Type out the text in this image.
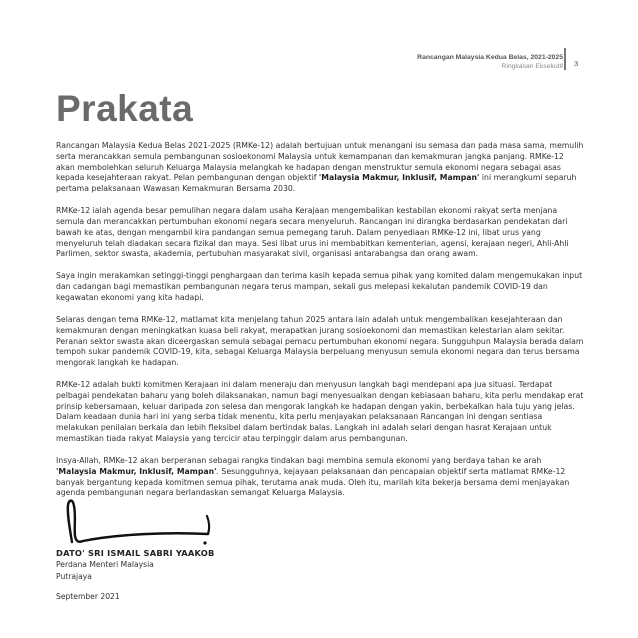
Rancangan Malaysia Kedua Belas, 2021-2025
Ringkasan Eksekutif 3
Prakata

Rancangan Malaysia Kedua Belas 2021-2025 (RMKe-12) adalah bertujuan untuk menangani isu semasa dan pada masa sama, memulih serta merancakkan semula pembangunan sosioekonomi Malaysia untuk kemampanan dan kemakmuran jangka panjang. RMKe-12 akan membolehkan seluruh Keluarga Malaysia melangkah ke hadapan dengan menstruktur semula ekonomi negara sebagai asas kepada kesejahteraan rakyat. Pelan pembangunan dengan objektif 'Malaysia Makmur, Inklusif, Mampan' ini merangkumi separuh pertama pelaksanaan Wawasan Kemakmuran Bersama 2030.

RMKe-12 ialah agenda besar pemulihan negara dalam usaha Kerajaan mengembalikan kestabilan ekonomi rakyat serta menjana semula dan merancakkan pertumbuhan ekonomi negara secara menyeluruh. Rancangan ini dirangka berdasarkan pendekatan dari bawah ke atas, dengan mengambil kira pandangan semua pemegang taruh. Dalam penyediaan RMKe-12 ini, libat urus yang menyeluruh telah diadakan secara fizikal dan maya. Sesi libat urus ini membabitkan kementerian, agensi, kerajaan negeri, Ahli-Ahli Parlimen, sektor swasta, akademia, pertubuhan masyarakat sivil, organisasi antarabangsa dan orang awam.

Saya ingin merakamkan setinggi-tinggi penghargaan dan terima kasih kepada semua pihak yang komited dalam mengemukakan input dan cadangan bagi memastikan pembangunan negara terus mampan, sekali gus melepasi kekalutan pandemik COVID-19 dan kegawatan ekonomi yang kita hadapi.

Selaras dengan tema RMKe-12, matlamat kita menjelang tahun 2025 antara lain adalah untuk mengembalikan kesejahteraan dan kemakmuran dengan meningkatkan kuasa beli rakyat, merapatkan jurang sosioekonomi dan memastikan kelestarian alam sekitar. Peranan sektor swasta akan diceergaskan semula sebagai pemacu pertumbuhan ekonomi negara. Sungguhpun Malaysia berada dalam tempoh sukar pandemik COVID-19, kita, sebagai Keluarga Malaysia berpeluang menyusun semula ekonomi negara dan terus bersama mengorak langkah ke hadapan.

RMKe-12 adalah bukti komitmen Kerajaan ini dalam meneraju dan menyusun langkah bagi mendepani apa jua situasi. Terdapat pelbagai pendekatan baharu yang boleh dilaksanakan, namun bagi menyesuaikan dengan kebiasaan baharu, kita perlu mendakap erat prinsip kebersamaan, keluar daripada zon selesa dan mengorak langkah ke hadapan dengan yakin, berbekalkan hala tuju yang jelas. Dalam keadaan dunia hari ini yang serba tidak menentu, kita perlu menjayakan pelaksanaan Rancangan ini dengan sentiasa melakukan penilaian berkala dan lebih fleksibel dalam bertindak balas. Langkah ini adalah selari dengan hasrat Kerajaan untuk memastikan tiada rakyat Malaysia yang tercicir atau terpinggir dalam arus pembangunan.

Insya-Allah, RMKe-12 akan berperanan sebagai rangka tindakan bagi membina semula ekonomi yang berdaya tahan ke arah 'Malaysia Makmur, Inklusif, Mampan'. Sesungguhnya, kejayaan pelaksanaan dan pencapaian objektif serta matlamat RMKe-12 banyak bergantung kepada komitmen semua pihak, terutama anak muda. Oleh itu, marilah kita bekerja bersama demi menjayakan agenda pembangunan negara berlandaskan semangat Keluarga Malaysia.

DATO' SRI ISMAIL SABRI YAAKOB
Perdana Menteri Malaysia
Putrajaya
September 2021
